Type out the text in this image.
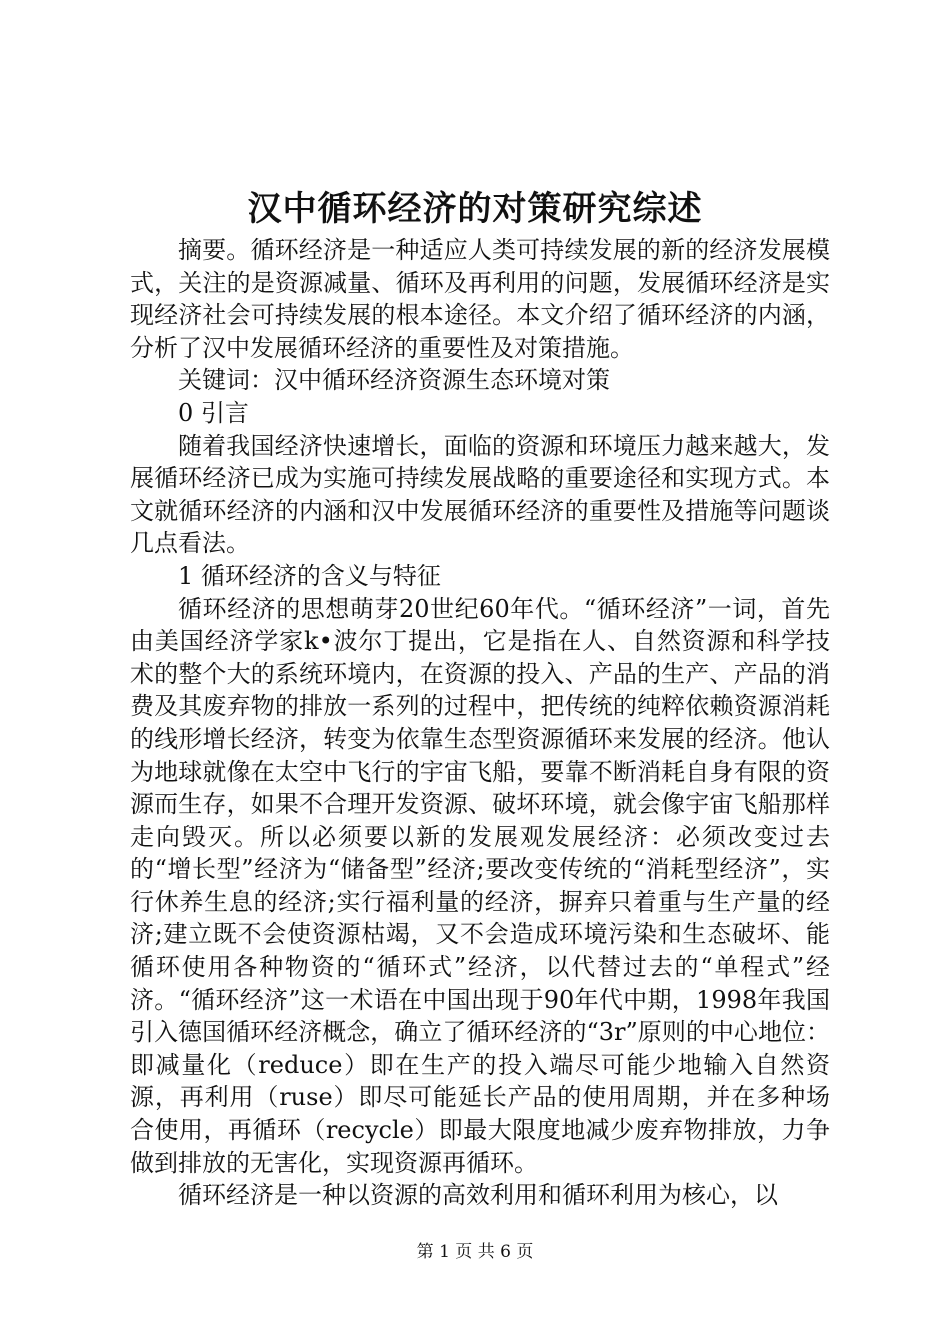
汉中循环经济的对策研究综述

摘要。循环经济是一种适应人类可持续发展的新的经济发展模式，关注的是资源减量、循环及再利用的问题，发展循环经济是实现经济社会可持续发展的根本途径。本文介绍了循环经济的内涵，分析了汉中发展循环经济的重要性及对策措施。

关键词：汉中循环经济资源生态环境对策

0 引言

随着我国经济快速增长，面临的资源和环境压力越来越大，发展循环经济已成为实施可持续发展战略的重要途径和实现方式。本文就循环经济的内涵和汉中发展循环经济的重要性及措施等问题谈几点看法。

1 循环经济的含义与特征

循环经济的思想萌芽20世纪60年代。“循环经济”一词，首先由美国经济学家k•波尔丁提出，它是指在人、自然资源和科学技术的整个大的系统环境内，在资源的投入、产品的生产、产品的消费及其废弃物的排放一系列的过程中，把传统的纯粹依赖资源消耗的线形增长经济，转变为依靠生态型资源循环来发展的经济。他认为地球就像在太空中飞行的宇宙飞船，要靠不断消耗自身有限的资源而生存，如果不合理开发资源、破坏环境，就会像宇宙飞船那样走向毁灭。所以必须要以新的发展观发展经济：必须改变过去的“增长型”经济为“储备型”经济;要改变传统的“消耗型经济”，实行休养生息的经济;实行福利量的经济，摒弃只着重与生产量的经济;建立既不会使资源枯竭，又不会造成环境污染和生态破坏、能循环使用各种物资的“循环式”经济，以代替过去的“单程式”经济。“循环经济”这一术语在中国出现于90年代中期，1998年我国引入德国循环经济概念，确立了循环经济的“3r”原则的中心地位：即减量化（reduce）即在生产的投入端尽可能少地输入自然资源，再利用（ruse）即尽可能延长产品的使用周期，并在多种场合使用，再循环（recycle）即最大限度地减少废弃物排放，力争做到排放的无害化，实现资源再循环。

循环经济是一种以资源的高效利用和循环利用为核心，以

第 1 页 共 6 页
